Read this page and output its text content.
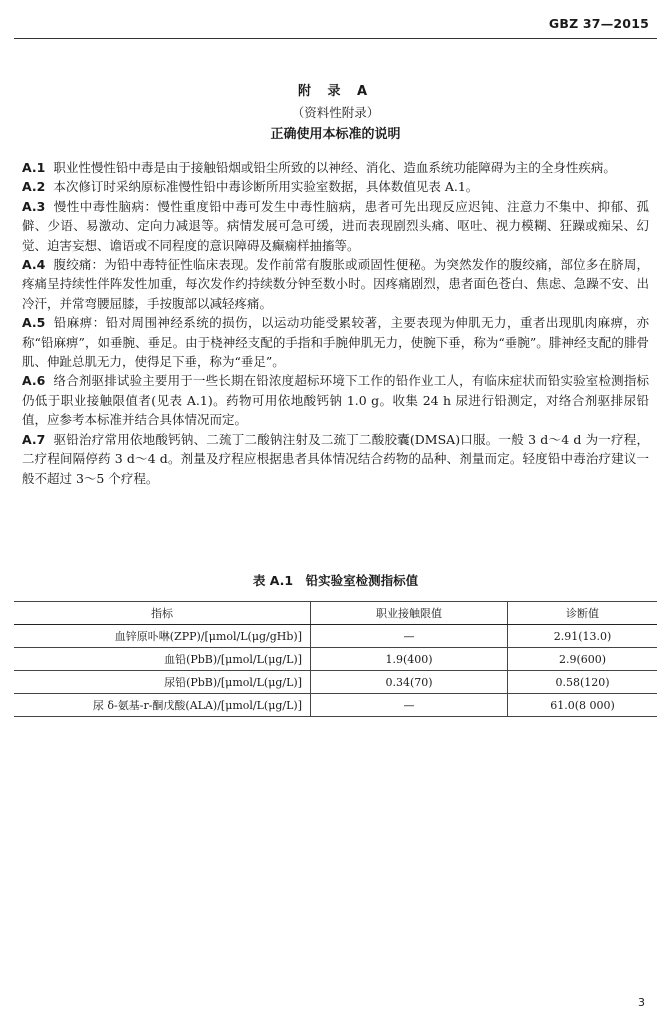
GBZ 37—2015
附 录 A
（资料性附录）
正确使用本标准的说明

A.1 职业性慢性铅中毒是由于接触铅烟或铅尘所致的以神经、消化、造血系统功能障碍为主的全身性疾病。

A.2 本次修订时采纳原标准慢性铅中毒诊断所用实验室数据，具体数值见表 A.1。

A.3 慢性中毒性脑病：慢性重度铅中毒可发生中毒性脑病，患者可先出现反应迟钝、注意力不集中、抑郁、孤僻、少语、易激动、定向力减退等。病情发展可急可缓，进而表现剧烈头痛、呕吐、视力模糊、狂躁或痴呆、幻觉、迫害妄想、谵语或不同程度的意识障碍及癫痫样抽搐等。

A.4 腹绞痛：为铅中毒特征性临床表现。发作前常有腹胀或顽固性便秘。为突然发作的腹绞痛，部位多在脐周，疼痛呈持续性伴阵发性加重，每次发作约持续数分钟至数小时。因疼痛剧烈，患者面色苍白、焦虑、急躁不安、出冷汗，并常弯腰屈膝，手按腹部以减轻疼痛。

A.5 铅麻痹：铅对周围神经系统的损伤，以运动功能受累较著，主要表现为伸肌无力，重者出现肌肉麻痹，亦称“铅麻痹”，如垂腕、垂足。由于桡神经支配的手指和手腕伸肌无力，使腕下垂，称为“垂腕”。腓神经支配的腓骨肌、伸趾总肌无力，使得足下垂，称为“垂足”。

A.6 络合剂驱排试验主要用于一些长期在铅浓度超标环境下工作的铅作业工人，有临床症状而铅实验室检测指标仍低于职业接触限值者(见表 A.1)。药物可用依地酸钙钠 1.0 g。收集 24 h 尿进行铅测定，对络合剂驱排尿铅值，应参考本标准并结合具体情况而定。

A.7 驱铅治疗常用依地酸钙钠、二巯丁二酸钠注射及二巯丁二酸胶囊(DMSA)口服。一般 3 d～4 d 为一疗程，二疗程间隔停药 3 d～4 d。剂量及疗程应根据患者具体情况结合药物的品种、剂量而定。轻度铅中毒治疗建议一般不超过 3～5 个疗程。

表 A.1　铅实验室检测指标值
指标	职业接触限值	诊断值
血锌原卟啉(ZPP)/[μmol/L(μg/gHb)]	—	2.91(13.0)
血铅(PbB)/[μmol/L(μg/L)]	1.9(400)	2.9(600)
尿铅(PbB)/[μmol/L(μg/L)]	0.34(70)	0.58(120)
尿 δ-氨基-r-酮戊酸(ALA)/[μmol/L(μg/L)]	—	61.0(8 000)
3
